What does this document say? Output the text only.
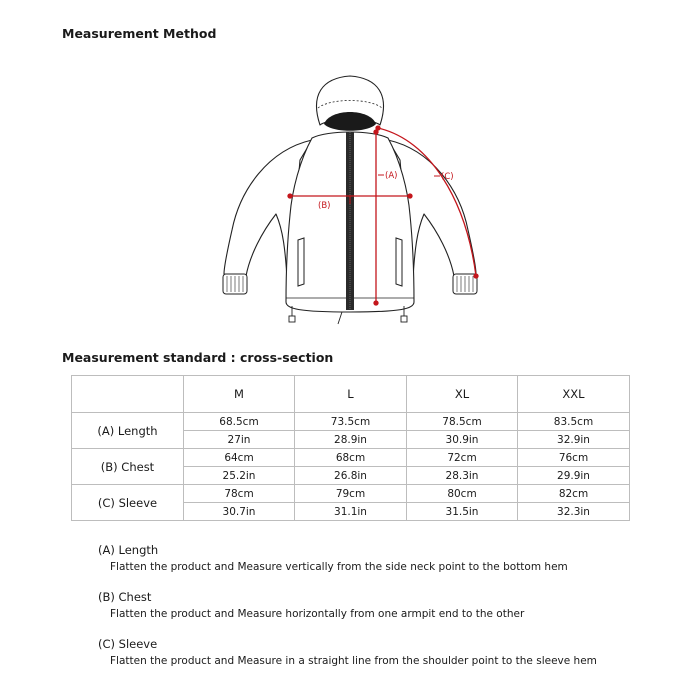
Measurement Method
(A)
(B)
(C)
Measurement standard : cross-section
	M	L	XL	XXL
(A) Length	68.5cm	73.5cm	78.5cm	83.5cm
	27in	28.9in	30.9in	32.9in
(B) Chest	64cm	68cm	72cm	76cm
	25.2in	26.8in	28.3in	29.9in
(C) Sleeve	78cm	79cm	80cm	82cm
	30.7in	31.1in	31.5in	32.3in
(A) Length
Flatten the product and Measure vertically from the side neck point to the bottom hem
(B) Chest
Flatten the product and Measure horizontally from one armpit end to the other
(C) Sleeve
Flatten the product and Measure in a straight line from the shoulder point to the sleeve hem
